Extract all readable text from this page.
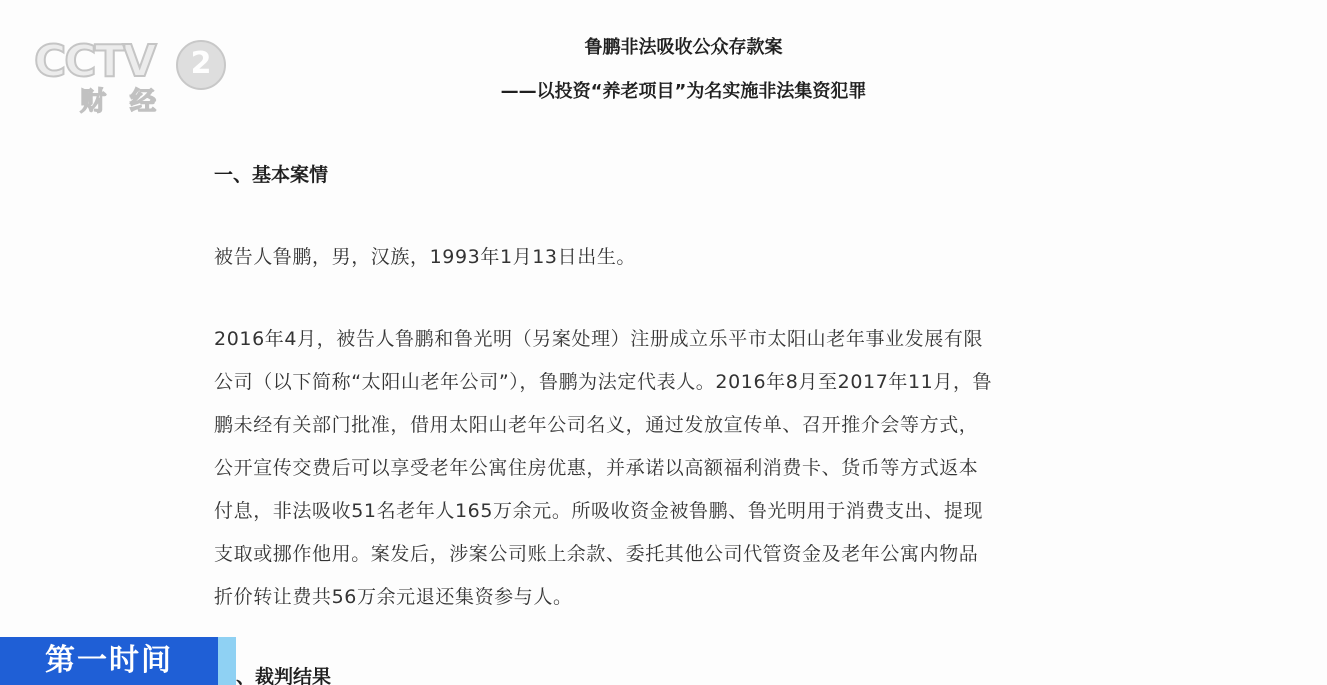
CCTV	2
财经
鲁鹏非法吸收公众存款案
——以投资“养老项目”为名实施非法集资犯罪
一、基本案情
被告人鲁鹏，男，汉族，1993年1月13日出生。
2016年4月，被告人鲁鹏和鲁光明（另案处理）注册成立乐平市太阳山老年事业发展有限
公司（以下简称“太阳山老年公司”），鲁鹏为法定代表人。2016年8月至2017年11月，鲁
鹏未经有关部门批准，借用太阳山老年公司名义，通过发放宣传单、召开推介会等方式，
公开宣传交费后可以享受老年公寓住房优惠，并承诺以高额福利消费卡、货币等方式返本
付息，非法吸收51名老年人165万余元。所吸收资金被鲁鹏、鲁光明用于消费支出、提现
支取或挪作他用。案发后，涉案公司账上余款、委托其他公司代管资金及老年公寓内物品
折价转让费共56万余元退还集资参与人。
第一时间	、裁判结果
